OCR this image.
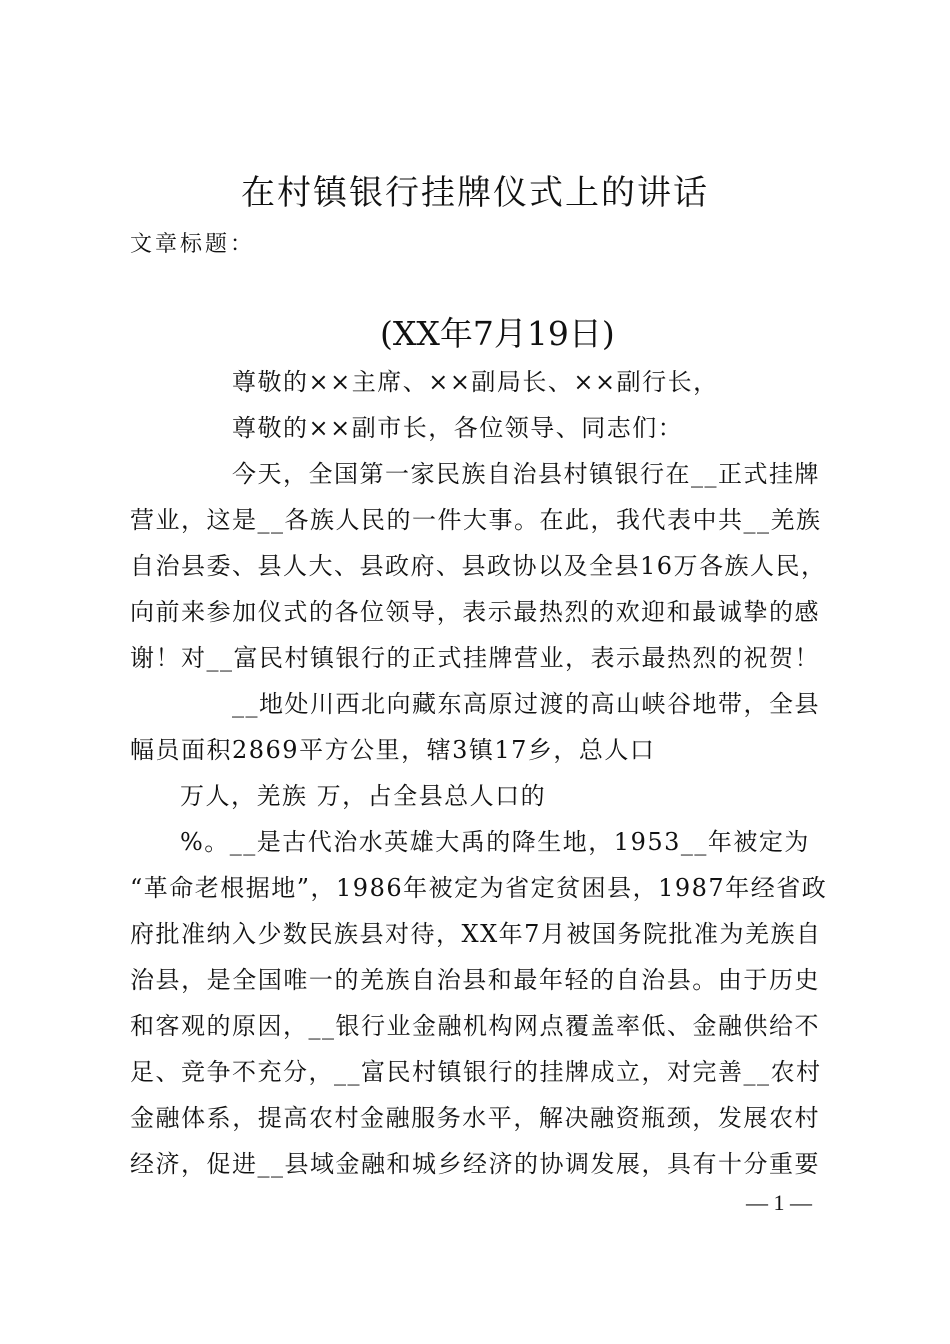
在村镇银行挂牌仪式上的讲话
文章标题：
(XX年7月19日)
尊敬的××主席、××副局长、××副行长，
尊敬的××副市长，各位领导、同志们：
今天，全国第一家民族自治县村镇银行在__正式挂牌
营业，这是__各族人民的一件大事。在此，我代表中共__羌族
自治县委、县人大、县政府、县政协以及全县16万各族人民，
向前来参加仪式的各位领导，表示最热烈的欢迎和最诚挚的感
谢！对__富民村镇银行的正式挂牌营业，表示最热烈的祝贺！
__地处川西北向藏东高原过渡的高山峡谷地带，全县
幅员面积2869平方公里，辖3镇17乡，总人口
万人，羌族 万，占全县总人口的
%。__是古代治水英雄大禹的降生地，1953__年被定为
“革命老根据地”，1986年被定为省定贫困县，1987年经省政
府批准纳入少数民族县对待，XX年7月被国务院批准为羌族自
治县，是全国唯一的羌族自治县和最年轻的自治县。由于历史
和客观的原因，__银行业金融机构网点覆盖率低、金融供给不
足、竞争不充分，__富民村镇银行的挂牌成立，对完善__农村
金融体系，提高农村金融服务水平，解决融资瓶颈，发展农村
经济，促进__县域金融和城乡经济的协调发展，具有十分重要
— 1 —
